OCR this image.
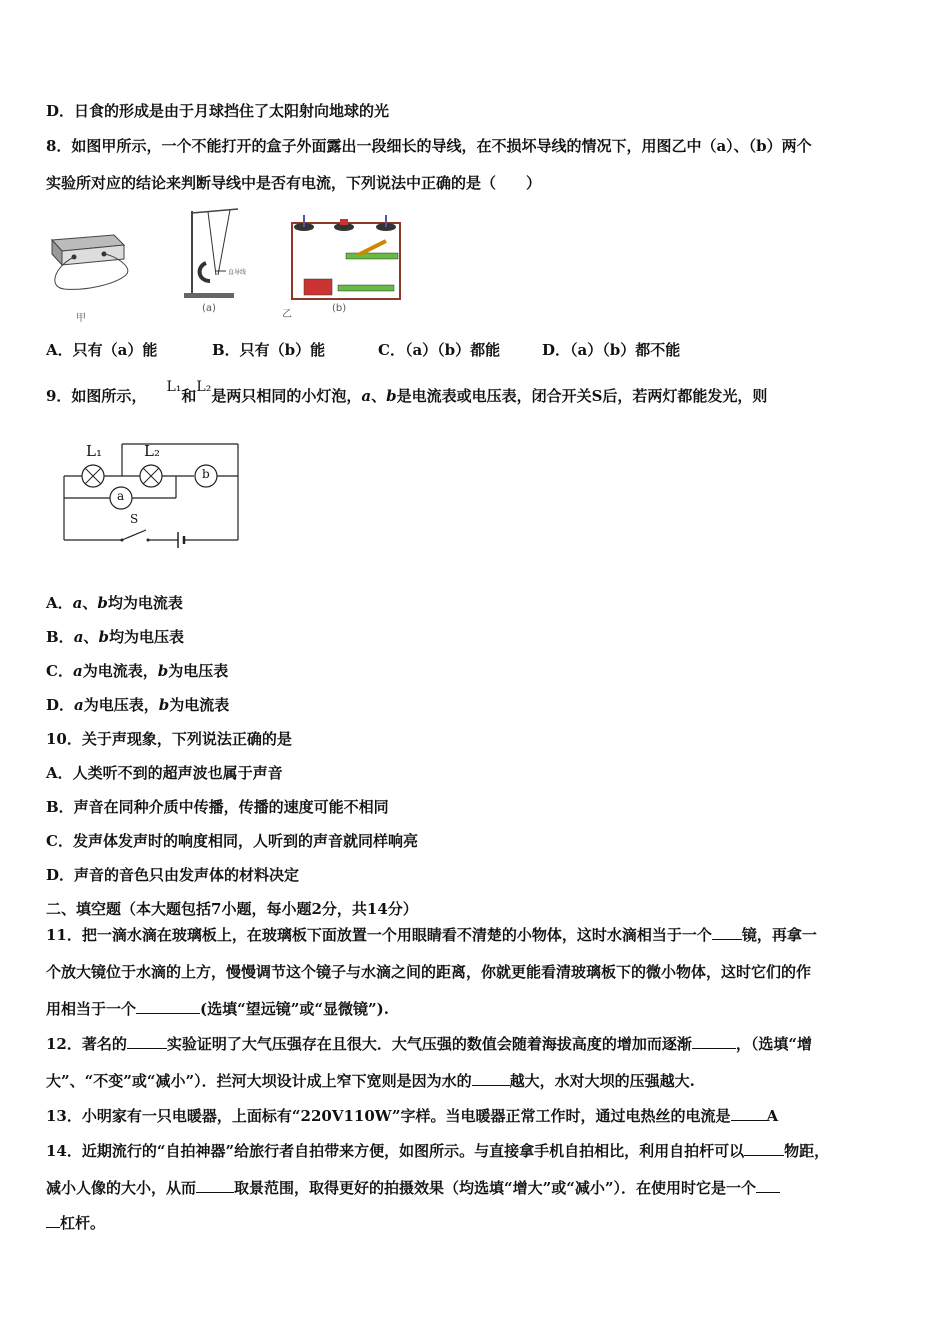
D．日食的形成是由于月球挡住了太阳射向地球的光
8．如图甲所示，一个不能打开的盒子外面露出一段细长的导线，在不损坏导线的情况下，用图乙中（a）、（b）两个
实验所对应的结论来判断导线中是否有电流，下列说法中正确的是（　　）
甲
直导线
(a)
乙
(b)
A．只有（a）能	B．只有（b）能	C．（a）（b）都能	D．（a）（b）都不能
9．如图所示， L₁和L₂是两只相同的小灯泡，a、b是电流表或电压表，闭合开关S后，若两灯都能发光，则
L₁	L₂
a
b
S
A．a、b均为电流表
B．a、b均为电压表
C．a为电流表，b为电压表
D．a为电压表，b为电流表
10．关于声现象，下列说法正确的是
A．人类听不到的超声波也属于声音
B．声音在同种介质中传播，传播的速度可能不相同
C．发声体发声时的响度相同，人听到的声音就同样响亮
D．声音的音色只由发声体的材料决定
二、填空题（本大题包括7小题，每小题2分，共14分）
11．把一滴水滴在玻璃板上，在玻璃板下面放置一个用眼睛看不清楚的小物体，这时水滴相当于一个 镜，再拿一
个放大镜位于水滴的上方，慢慢调节这个镜子与水滴之间的距离，你就更能看清玻璃板下的微小物体，这时它们的作
用相当于一个	(选填“望远镜”或“显微镜”).
12．著名的	实验证明了大气压强存在且很大．大气压强的数值会随着海拔高度的增加而逐渐	，（选填“增
大”、“不变”或“减小”）．拦河大坝设计成上窄下宽则是因为水的	越大，水对大坝的压强越大.
13．小明家有一只电暖器，上面标有“220V110W”字样。当电暖器正常工作时，通过电热丝的电流是 A
14．近期流行的“自拍神器”给旅行者自拍带来方便，如图所示。与直接拿手机自拍相比，利用自拍杆可以	物距，
减小人像的大小，从而	取景范围，取得更好的拍摄效果（均选填“增大”或“减小”）．在使用时它是一个
杠杆。
